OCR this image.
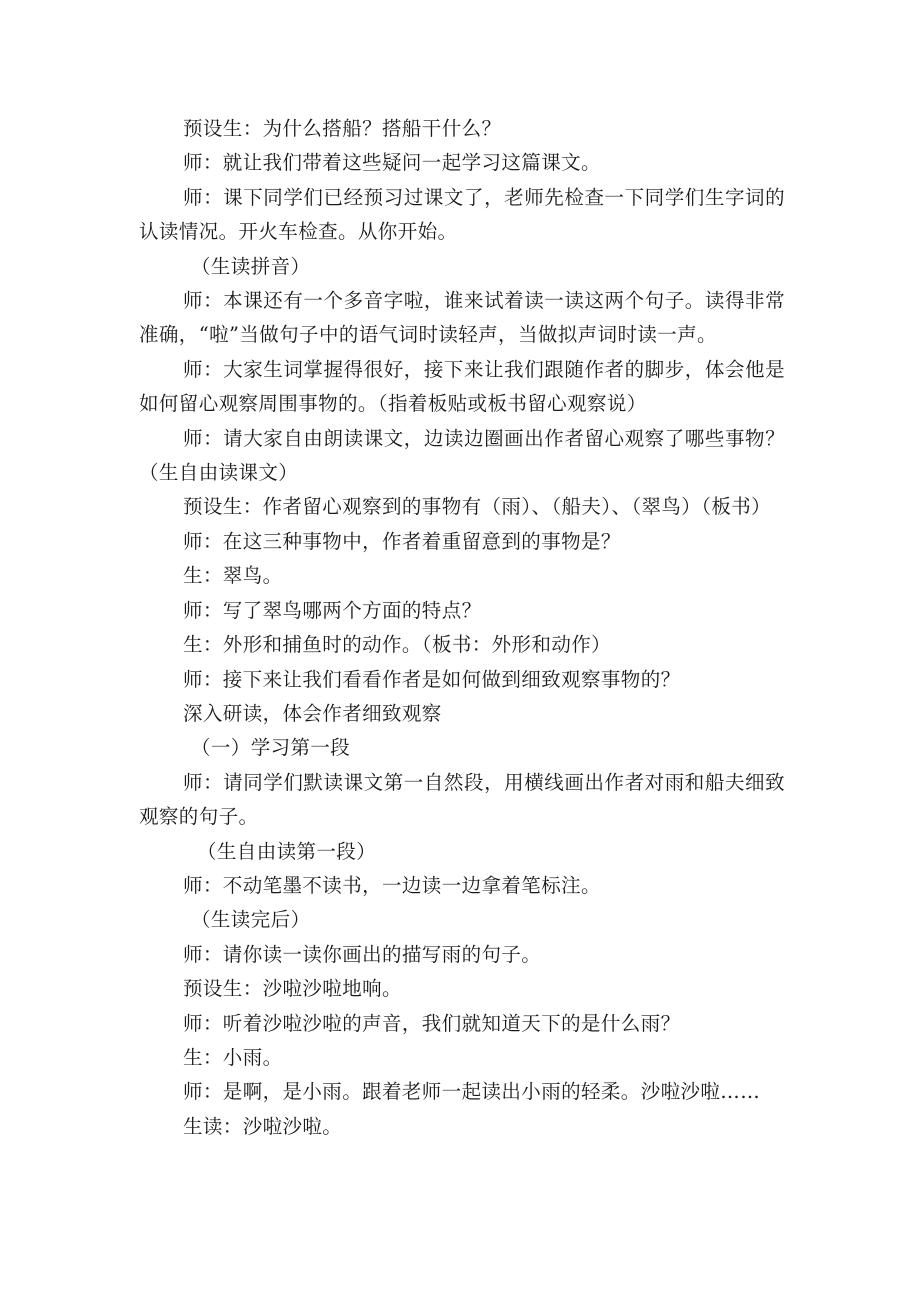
预设生：为什么搭船？搭船干什么？

师：就让我们带着这些疑问一起学习这篇课文。

师：课下同学们已经预习过课文了，老师先检查一下同学们生字词的认读情况。开火车检查。从你开始。

（生读拼音）

师：本课还有一个多音字啦，谁来试着读一读这两个句子。读得非常准确，“啦”当做句子中的语气词时读轻声，当做拟声词时读一声。

师：大家生词掌握得很好，接下来让我们跟随作者的脚步，体会他是如何留心观察周围事物的。（指着板贴或板书留心观察说）

师：请大家自由朗读课文，边读边圈画出作者留心观察了哪些事物？（生自由读课文）

预设生：作者留心观察到的事物有（雨）、（船夫）、（翠鸟）（板书）

师：在这三种事物中，作者着重留意到的事物是？

生：翠鸟。

师：写了翠鸟哪两个方面的特点？

生：外形和捕鱼时的动作。（板书：外形和动作）

师：接下来让我们看看作者是如何做到细致观察事物的？

深入研读，体会作者细致观察

（一）学习第一段

师：请同学们默读课文第一自然段，用横线画出作者对雨和船夫细致观察的句子。

（生自由读第一段）

师：不动笔墨不读书，一边读一边拿着笔标注。

（生读完后）

师：请你读一读你画出的描写雨的句子。

预设生：沙啦沙啦地响。

师：听着沙啦沙啦的声音，我们就知道天下的是什么雨？

生：小雨。

师：是啊，是小雨。跟着老师一起读出小雨的轻柔。沙啦沙啦……

生读：沙啦沙啦。
